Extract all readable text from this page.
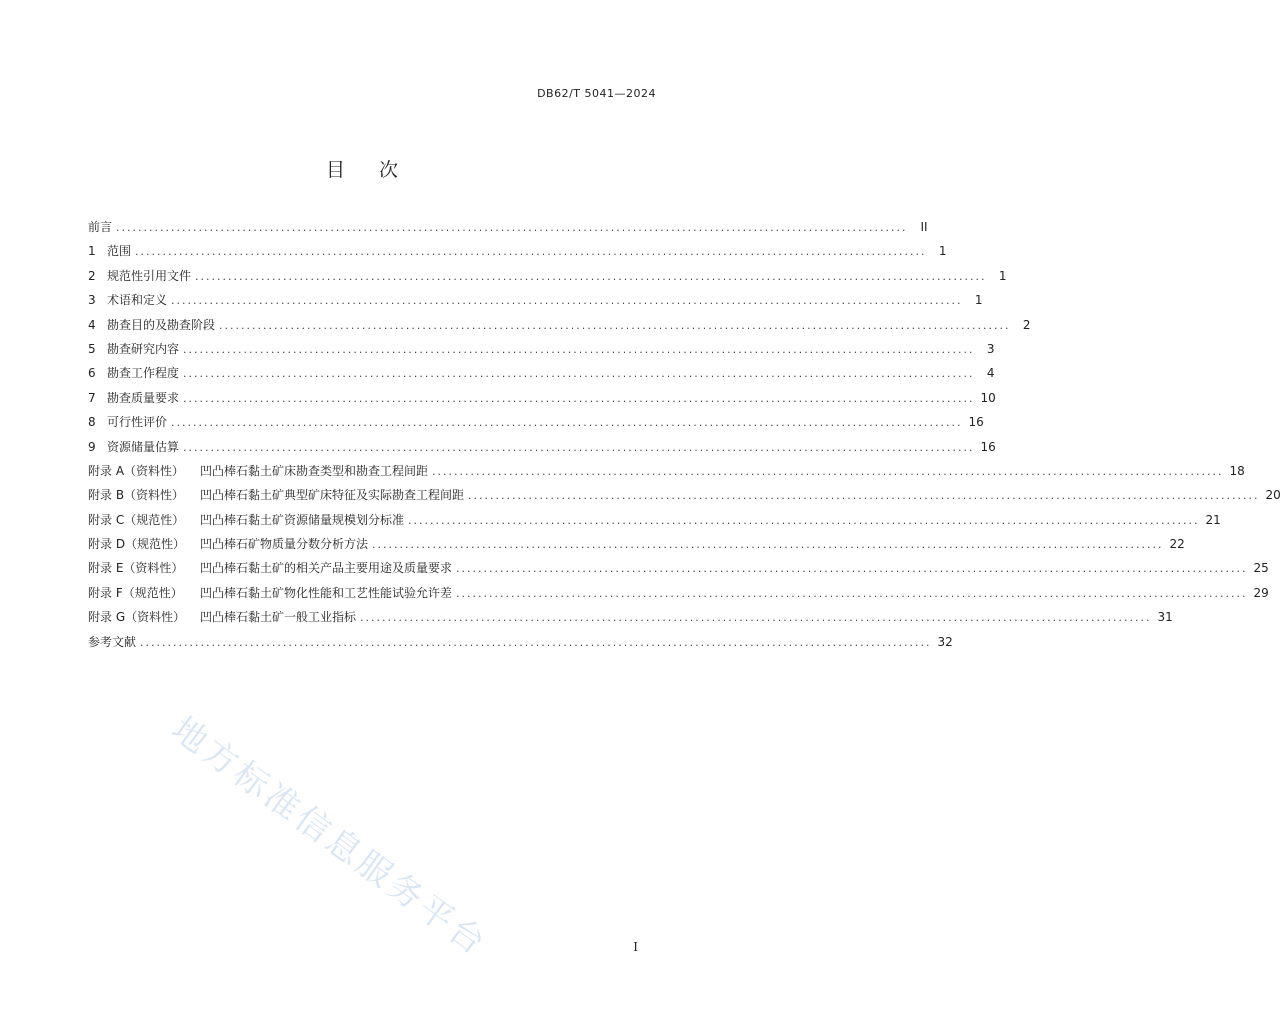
DB62/T 5041—2024
目次
前言 ................................................................................................................................................	II
1 范围 ................................................................................................................................................	1
2 规范性引用文件 ................................................................................................................................................	1
3 术语和定义 ................................................................................................................................................	1
4 勘查目的及勘查阶段 ................................................................................................................................................	2
5 勘查研究内容 ................................................................................................................................................	3
6 勘查工作程度 ................................................................................................................................................	4
7 勘查质量要求 ................................................................................................................................................ 10
8 可行性评价 ................................................................................................................................................ 16
9 资源储量估算 ................................................................................................................................................ 16
附录 A（资料性）	凹凸棒石黏土矿床勘查类型和勘查工程间距 ................................................................................................................................................ 18
附录 B（资料性）	凹凸棒石黏土矿典型矿床特征及实际勘查工程间距 ................................................................................................................................................ 20
附录 C（规范性）	凹凸棒石黏土矿资源储量规模划分标准 ................................................................................................................................................ 21
附录 D（规范性）	凹凸棒石矿物质量分数分析方法 ................................................................................................................................................ 22
附录 E（资料性）	凹凸棒石黏土矿的相关产品主要用途及质量要求 ................................................................................................................................................ 25
附录 F（规范性）	凹凸棒石黏土矿物化性能和工艺性能试验允许差 ................................................................................................................................................ 29
附录 G（资料性）	凹凸棒石黏土矿一般工业指标 ................................................................................................................................................ 31
参考文献 ................................................................................................................................................ 32
地方标准信息服务平台	I
